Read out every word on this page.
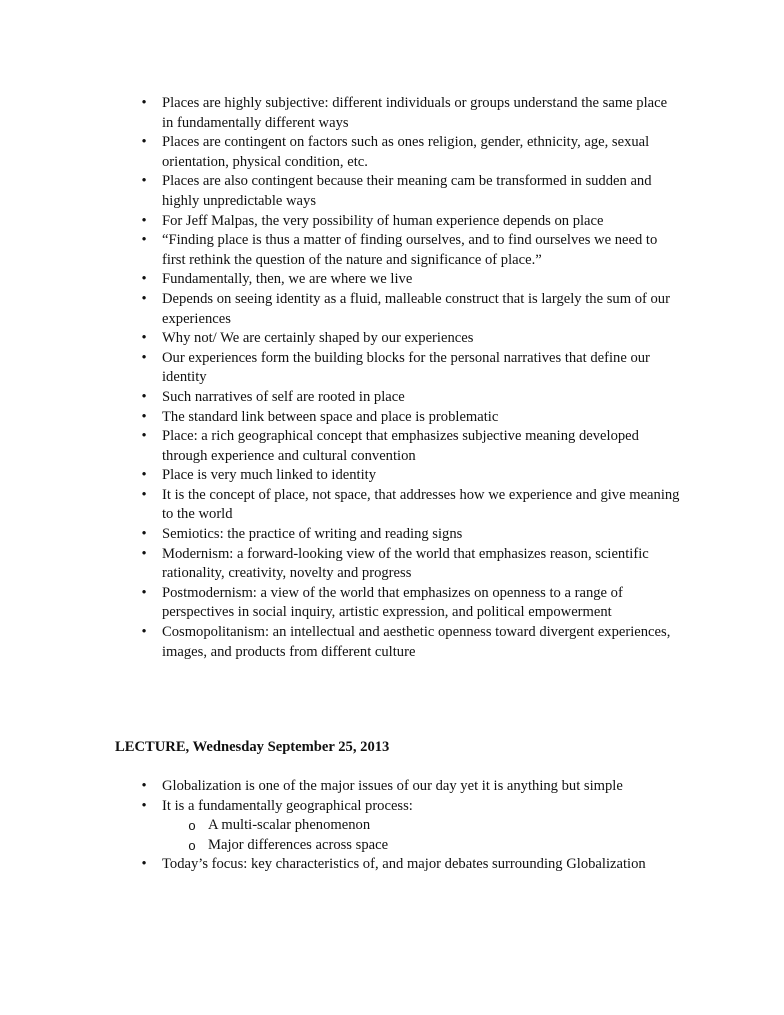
• Places are highly subjective: different individuals or groups understand the same place in fundamentally different ways
• Places are contingent on factors such as ones religion, gender, ethnicity, age, sexual orientation, physical condition, etc.
• Places are also contingent because their meaning cam be transformed in sudden and highly unpredictable ways
• For Jeff Malpas, the very possibility of human experience depends on place
• “Finding place is thus a matter of finding ourselves, and to find ourselves we need to first rethink the question of the nature and significance of place.”
• Fundamentally, then, we are where we live
• Depends on seeing identity as a fluid, malleable construct that is largely the sum of our experiences
• Why not/ We are certainly shaped by our experiences
• Our experiences form the building blocks for the personal narratives that define our identity
• Such narratives of self are rooted in place
• The standard link between space and place is problematic
• Place: a rich geographical concept that emphasizes subjective meaning developed through experience and cultural convention
• Place is very much linked to identity
• It is the concept of place, not space, that addresses how we experience and give meaning to the world
• Semiotics: the practice of writing and reading signs
• Modernism: a forward-looking view of the world that emphasizes reason, scientific rationality, creativity, novelty and progress
• Postmodernism: a view of the world that emphasizes on openness to a range of perspectives in social inquiry, artistic expression, and political empowerment
• Cosmopolitanism: an intellectual and aesthetic openness toward divergent experiences, images, and products from different culture
LECTURE, Wednesday September 25, 2013
• Globalization is one of the major issues of our day yet it is anything but simple
• It is a fundamentally geographical process:
o A multi-scalar phenomenon
o Major differences across space
• Today’s focus: key characteristics of, and major debates surrounding Globalization
